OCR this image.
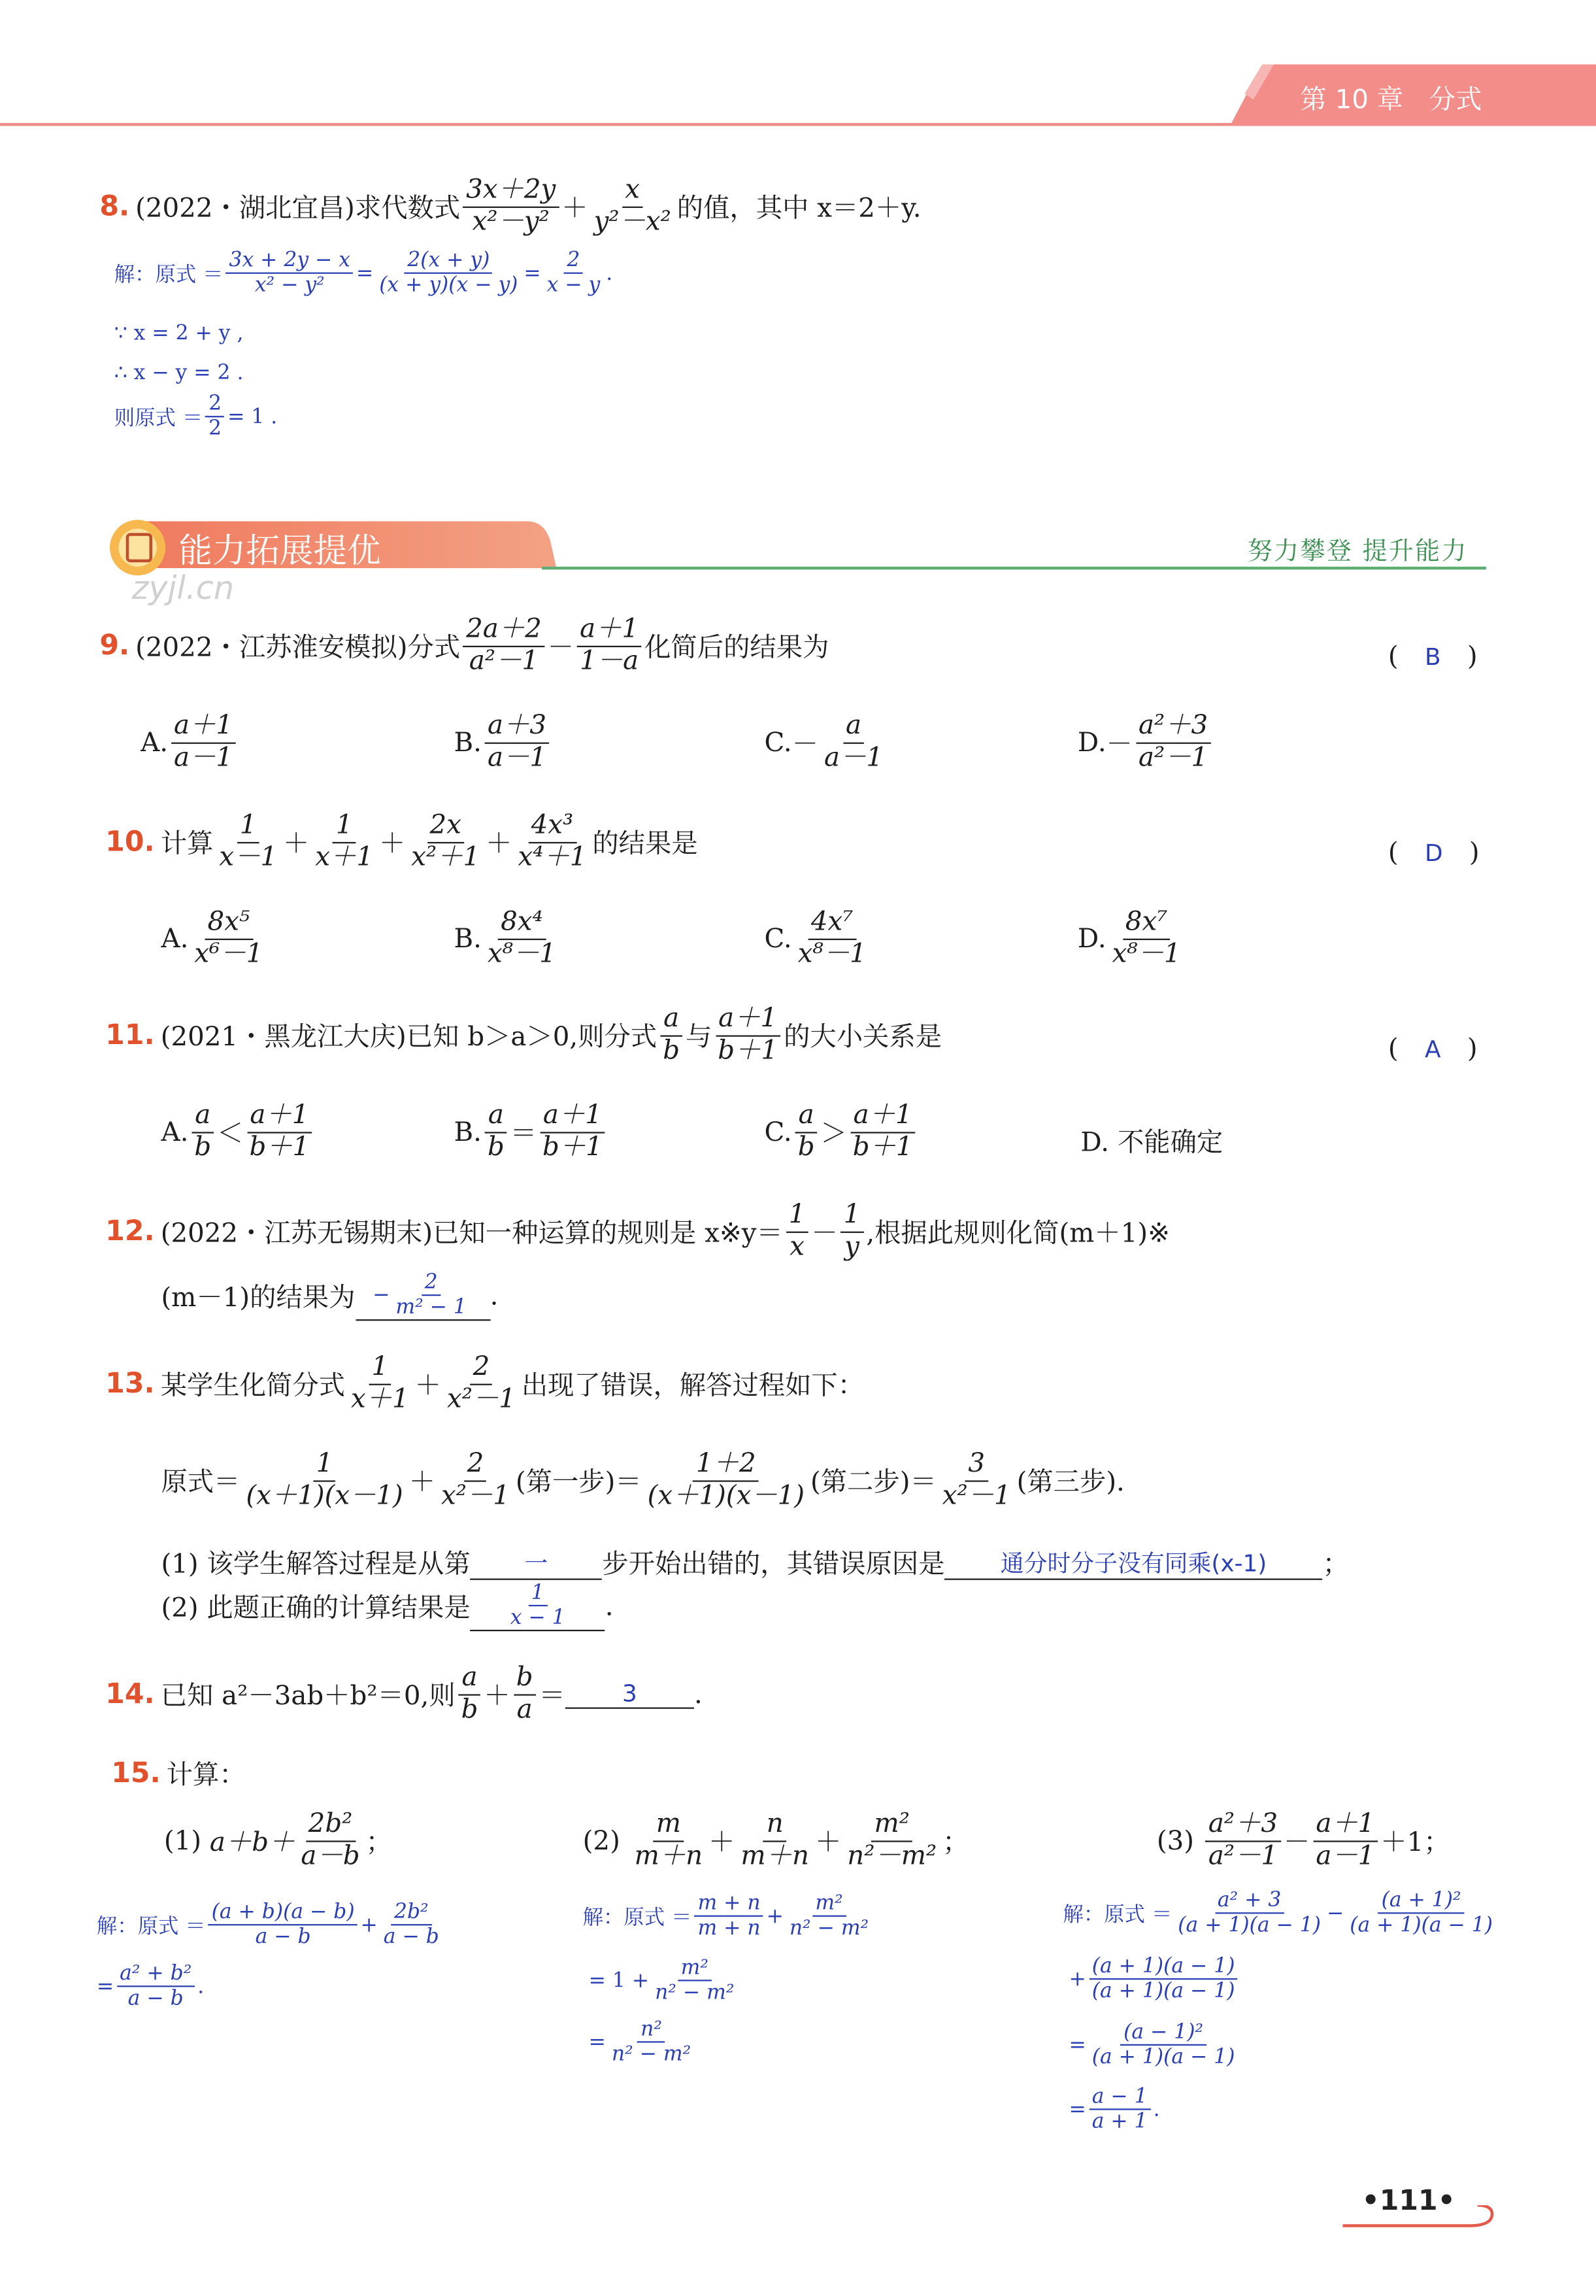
第 10 章 分式
8. (2022・湖北宜昌)求代数式
3x＋2y
x²－y² ＋
x
y²－x² 的值，其中 x＝2＋y.
解：原式 ＝ $\frac{3x + 2y - x}{\text{x² − y²}} = \frac{2(x + y)}{(x + y)(x - y)} = \frac{2}{x - y}$ .
∵ x = 2 + y ,
∴ x − y = 2 .
则原式 ＝ $\frac{2}{2} = 1$ .
能力拓展提优	努力攀登 提升能力
zyjl.cn
9. (2022・江苏淮安模拟)分式
2a＋2
a²－1 －
a＋1
1－a 化简后的结果为	(　B　)
A.
a＋1
a－1	B.
a＋3
a－1	C. －
a
a－1	D. －
a²＋3
a²－1
10. 计算
1
x－1 ＋
1
x＋1 ＋
2x
x²＋1 ＋
4x³
x⁴＋1 的结果是	(　D　)
A.
8x⁵
x⁶－1	B.
8x⁴
x⁸－1	C.
4x⁷
x⁸－1	D.
8x⁷
x⁸－1
11. (2021・黑龙江大庆)已知 b＞a＞0,则分式
a
b 与
a＋1
b＋1 的大小关系是	(　A　)
A.
a
b ＜
a＋1
b＋1	B.
a
b ＝
a＋1
b＋1	C.
a
b ＞
a＋1
b＋1	D. 不能确定
12. (2022・江苏无锡期末)已知一种运算的规则是 x※y＝
1
x －
1
y ,根据此规则化简(m＋1)※
(m－1)的结果为	− $\frac{2}{\text{m² − 1}}$ .
13. 某学生化简分式
1
x＋1 ＋
2
x²－1 出现了错误，解答过程如下：
原式＝
1
(x＋1)(x－1) ＋
2
x²－1 (第一步)＝
1＋2
(x＋1)(x－1) (第二步)＝
3
x²－1 (第三步).
(1) 该学生解答过程是从第	一	步开始出错的，其错误原因是	通分时分子没有同乘(x-1)	；
(2) 此题正确的计算结果是	$\frac{1}{x - 1}$	.
14. 已知 a²－3ab＋b²＝0,则
a
b ＋
b
a ＝	3	.
15. 计算：
(1)
a＋b＋
2b²
a－b ；	(2)

m
m＋n ＋
n
m＋n ＋
m²
n²－m² ；	(3)

a²＋3
a²－1 －
a＋1
a－1 ＋1；
解：原式 ＝
(a + b)(a − b)
a − b
+ $\frac{\text{2b²}}{a - b}$
= $\frac{\text{a² + b²}}{a - b}$ .
解：原式 ＝
m + n
m + n
+ $\frac{\text{m²}}{\text{n² − m²}}$
= $1 + \frac{\text{m²}}{\text{n² − m²}}$
= $\frac{\text{n²}}{\text{n² − m²}}$
解：原式 ＝
a² + 3
(a + 1)(a − 1)
− $\frac{\text{(a + 1)²}}{(a + 1)(a - 1)}$
+ $\frac{(a + 1)(a - 1)}{(a + 1)(a - 1)}$
= $\frac{\text{(a − 1)²}}{(a + 1)(a - 1)}$
= $\frac{a - 1}{a + 1}$ .
•111•
